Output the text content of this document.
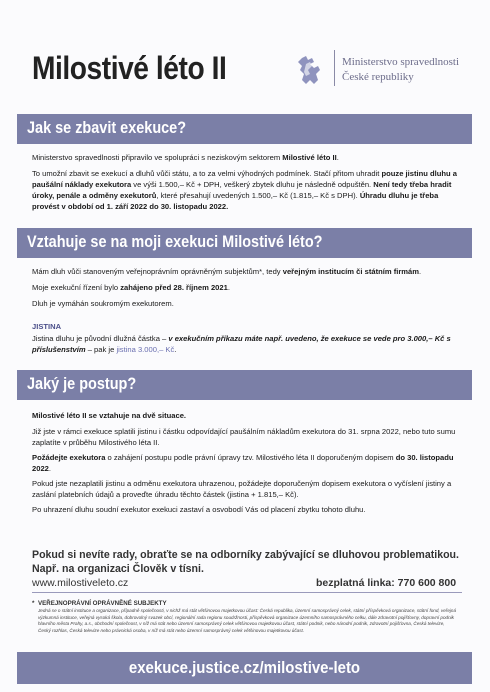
Milostivé léto II	Ministerstvo spravedlnosti
České republiky
Jak se zbavit exekuce?
Ministerstvo spravedlnosti připravilo ve spolupráci s neziskovým sektorem Milostivé léto II.
To umožní zbavit se exekucí a dluhů vůči státu, a to za velmi výhodných podmínek. Stačí přitom uhradit pouze jistinu dluhu a paušální náklady exekutora ve výši 1.500,– Kč + DPH, veškerý zbytek dluhu je následně odpuštěn. Není tedy třeba hradit úroky, penále a odměny exekutorů, které přesahují uvedených 1.500,– Kč (1.815,– Kč s DPH). Úhradu dluhu je třeba provést v období od 1. září 2022 do 30. listopadu 2022.
Vztahuje se na moji exekuci Milostivé léto?
Mám dluh vůči stanoveným veřejnoprávním oprávněným subjektům*, tedy veřejným institucím či státním firmám.
Moje exekuční řízení bylo zahájeno před 28. říjnem 2021.
Dluh je vymáhán soukromým exekutorem.
JISTINA
Jistina dluhu je původní dlužná částka – v exekučním příkazu máte např. uvedeno, že exekuce se vede pro 3.000,– Kč s příslušenstvím – pak je jistina 3.000,– Kč.
Jaký je postup?
Milostivé léto II se vztahuje na dvě situace.
Již jste v rámci exekuce splatili jistinu i částku odpovídající paušálním nákladům exekutora do 31. srpna 2022, nebo tuto sumu zaplatíte v průběhu Milostivého léta II.
Požádejte exekutora o zahájení postupu podle právní úpravy tzv. Milostivého léta II doporučeným dopisem do 30. listopadu 2022.
Pokud jste nezaplatili jistinu a odměnu exekutora uhrazenou, požádejte doporučeným dopisem exekutora o vyčíslení jistiny a zaslání platebních údajů a proveďte úhradu těchto částek (jistina + 1.815,– Kč).
Po uhrazení dluhu soudní exekutor exekuci zastaví a osvobodí Vás od placení zbytku tohoto dluhu.
Pokud si nevíte rady, obraťte se na odborníky zabývající se dluhovou problematikou.
Např. na organizaci Člověk v tísni.
www.milostiveleto.cz	bezplatná linka: 770 600 800
* VEŘEJNOPRÁVNÍ OPRÁVNĚNÉ SUBJEKTY
Jedná se o státní instituce a organizace, případně společnosti, v nichž má stát většinovou majetkovou účast: Česká republika, územní samosprávný celek, státní příspěvková organizace, státní fond, veřejná výzkumná instituce, veřejná vysoká škola, dobrovolný svazek obcí, regionální rada regionu soudržnosti, příspěvková organizace územního samosprávného celku, dále zdravotní pojišťovny, dopravní podnik hlavního města Prahy, a.s., obchodní společnost, v níž má stát nebo územní samosprávný celek většinovou majetkovou účast, státní podnik, nebo národní podnik, zdravotní pojišťovna, Česká televize, Český rozhlas, Česká televize nebo právnická osoba, v níž má stát nebo územní samosprávný celek většinovou majetkovou účast.
exekuce.justice.cz/milostive-leto
